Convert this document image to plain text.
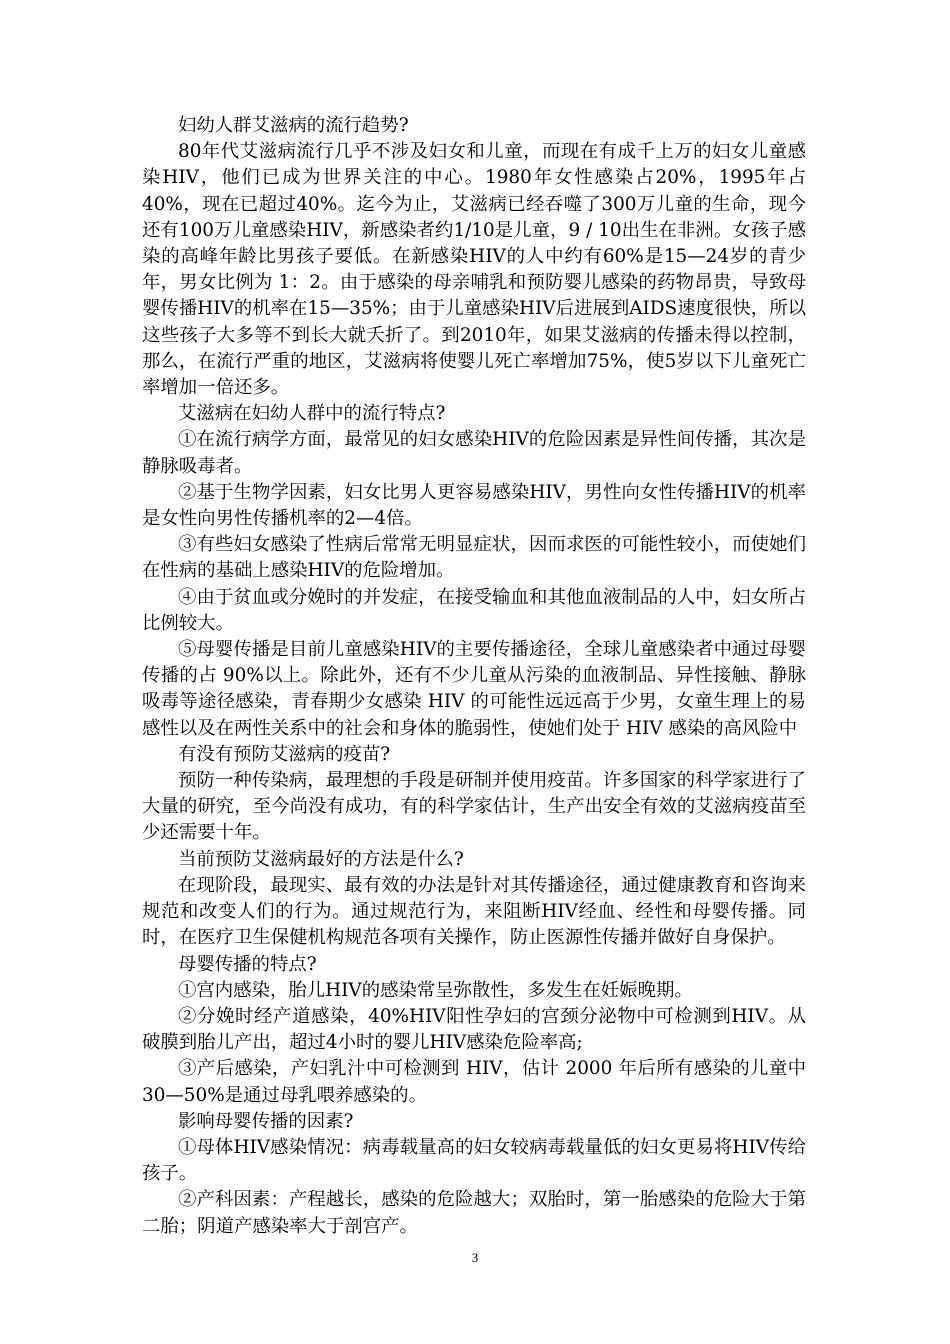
妇幼人群艾滋病的流行趋势?

80年代艾滋病流行几乎不涉及妇女和儿童，而现在有成千上万的妇女儿童感染HIV，他们已成为世界关注的中心。1980年女性感染占20%，1995年占40%，现在已超过40%。迄今为止，艾滋病已经吞噬了300万儿童的生命，现今还有100万儿童感染HIV，新感染者约1/10是儿童，9 / 10出生在非洲。女孩子感染的高峰年龄比男孩子要低。在新感染HIV的人中约有60%是15—24岁的青少年，男女比例为 1：2。由于感染的母亲哺乳和预防婴儿感染的药物昂贵，导致母婴传播HIV的机率在15—35%；由于儿童感染HIV后进展到AIDS速度很快，所以这些孩子大多等不到长大就夭折了。到2010年，如果艾滋病的传播未得以控制，那么，在流行严重的地区，艾滋病将使婴儿死亡率增加75%，使5岁以下儿童死亡率增加一倍还多。

艾滋病在妇幼人群中的流行特点?

①在流行病学方面，最常见的妇女感染HIV的危险因素是异性间传播，其次是静脉吸毒者。

②基于生物学因素，妇女比男人更容易感染HIV，男性向女性传播HIV的机率是女性向男性传播机率的2—4倍。

③有些妇女感染了性病后常常无明显症状，因而求医的可能性较小，而使她们在性病的基础上感染HIV的危险增加。

④由于贫血或分娩时的并发症，在接受输血和其他血液制品的人中，妇女所占比例较大。

⑤母婴传播是目前儿童感染HIV的主要传播途径，全球儿童感染者中通过母婴传播的占 90%以上。除此外，还有不少儿童从污染的血液制品、异性接触、静脉吸毒等途径感染，青春期少女感染 HIV 的可能性远远高于少男，女童生理上的易感性以及在两性关系中的社会和身体的脆弱性，使她们处于 HIV 感染的高风险中

有没有预防艾滋病的疫苗?

预防一种传染病，最理想的手段是研制并使用疫苗。许多国家的科学家进行了大量的研究，至今尚没有成功，有的科学家估计，生产出安全有效的艾滋病疫苗至少还需要十年。

当前预防艾滋病最好的方法是什么?

在现阶段，最现实、最有效的办法是针对其传播途径，通过健康教育和咨询来规范和改变人们的行为。通过规范行为，来阻断HIV经血、经性和母婴传播。同时，在医疗卫生保健机构规范各项有关操作，防止医源性传播并做好自身保护。

母婴传播的特点?

①宫内感染，胎儿HIV的感染常呈弥散性，多发生在妊娠晚期。

②分娩时经产道感染，40%HIV阳性孕妇的宫颈分泌物中可检测到HIV。从破膜到胎儿产出，超过4小时的婴儿HIV感染危险率高;

③产后感染，产妇乳汁中可检测到 HIV，估计 2000 年后所有感染的儿童中30—50%是通过母乳喂养感染的。

影响母婴传播的因素?

①母体HIV感染情况：病毒载量高的妇女较病毒载量低的妇女更易将HIV传给孩子。

②产科因素：产程越长，感染的危险越大；双胎时，第一胎感染的危险大于第二胎；阴道产感染率大于剖宫产。

3
